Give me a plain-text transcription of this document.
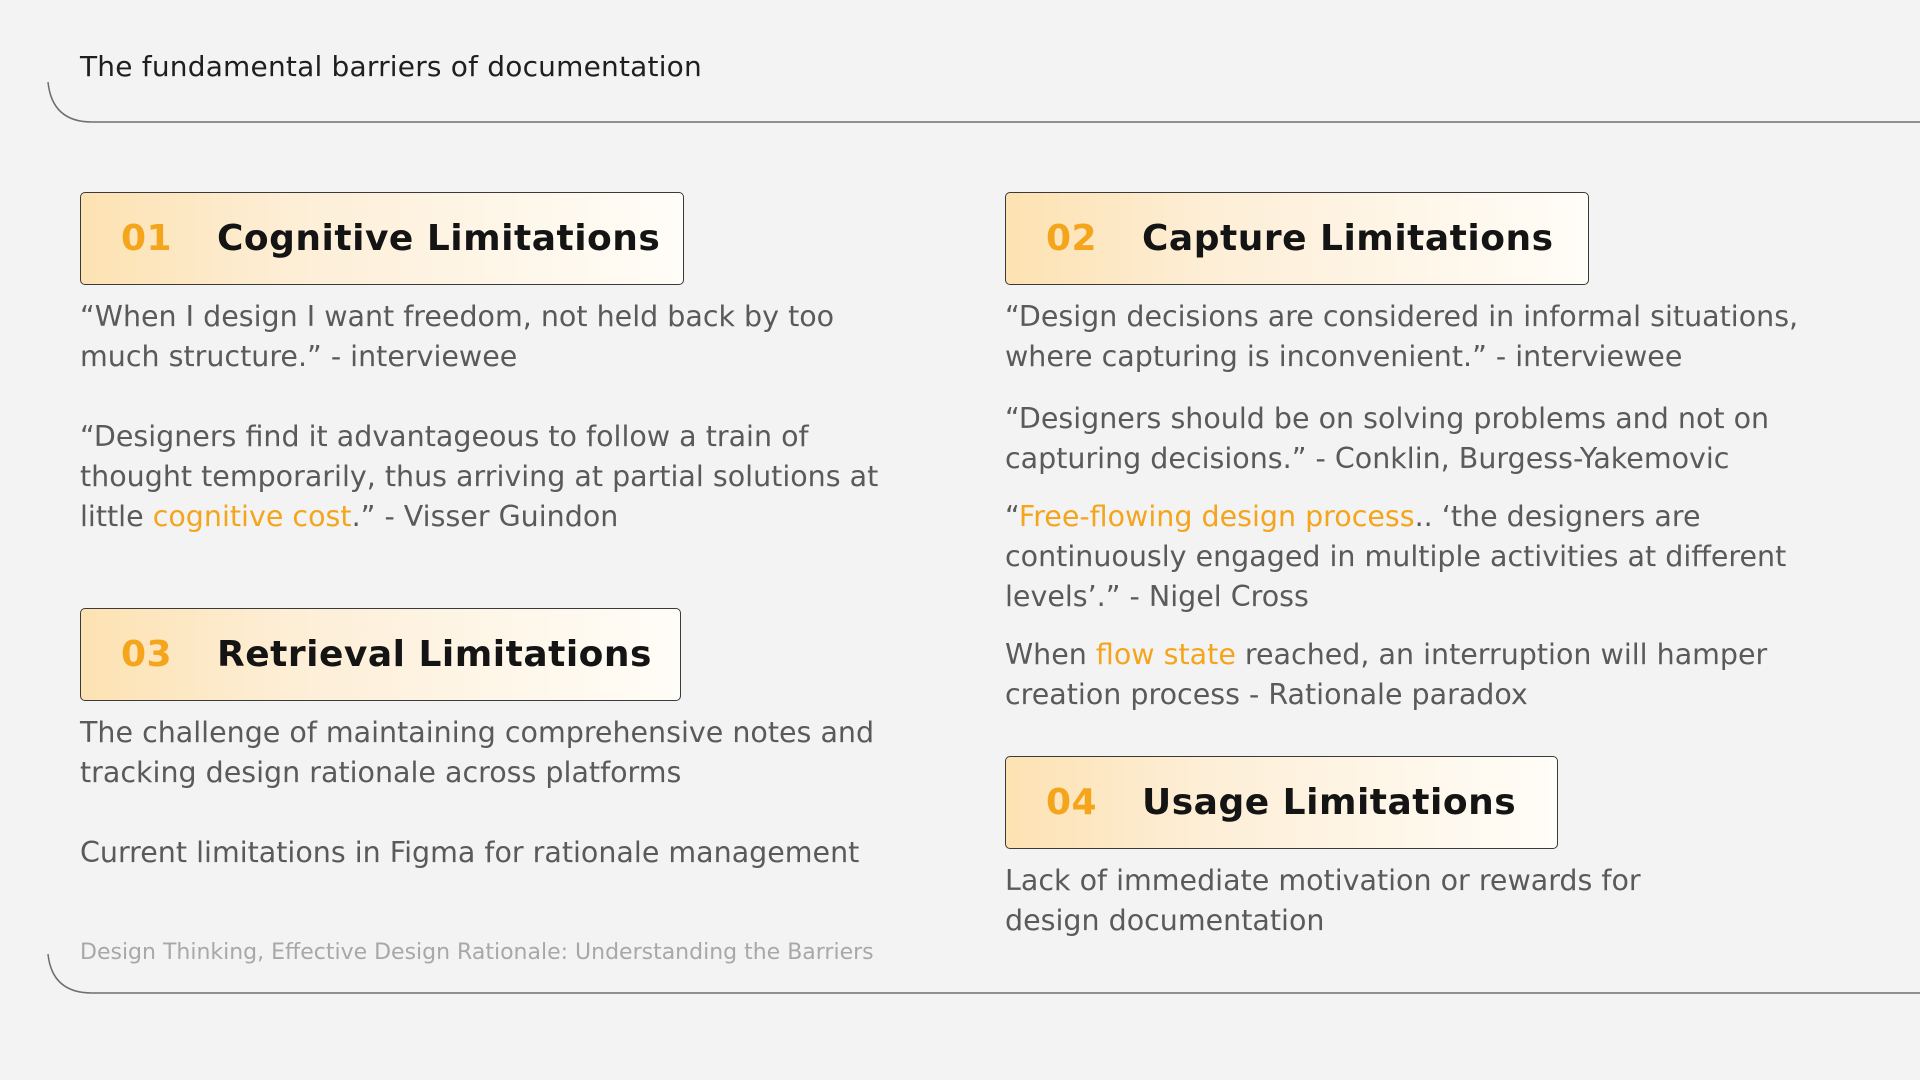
The fundamental barriers of documentation
01	Cognitive Limitations
“When I design I want freedom, not held back by too
much structure.” - interviewee
“Designers find it advantageous to follow a train of
thought temporarily, thus arriving at partial solutions at
little cognitive cost.” - Visser Guindon
02	Capture Limitations
“Design decisions are considered in informal situations,
where capturing is inconvenient.” - interviewee
“Designers should be on solving problems and not on
capturing decisions.” - Conklin, Burgess-Yakemovic
“Free-flowing design process.. ‘the designers are
continuously engaged in multiple activities at different
levels’.” - Nigel Cross
When flow state reached, an interruption will hamper
creation process - Rationale paradox
03	Retrieval Limitations
The challenge of maintaining comprehensive notes and
tracking design rationale across platforms
Current limitations in Figma for rationale management
04	Usage Limitations
Lack of immediate motivation or rewards for
design documentation
Design Thinking, Effective Design Rationale: Understanding the Barriers
